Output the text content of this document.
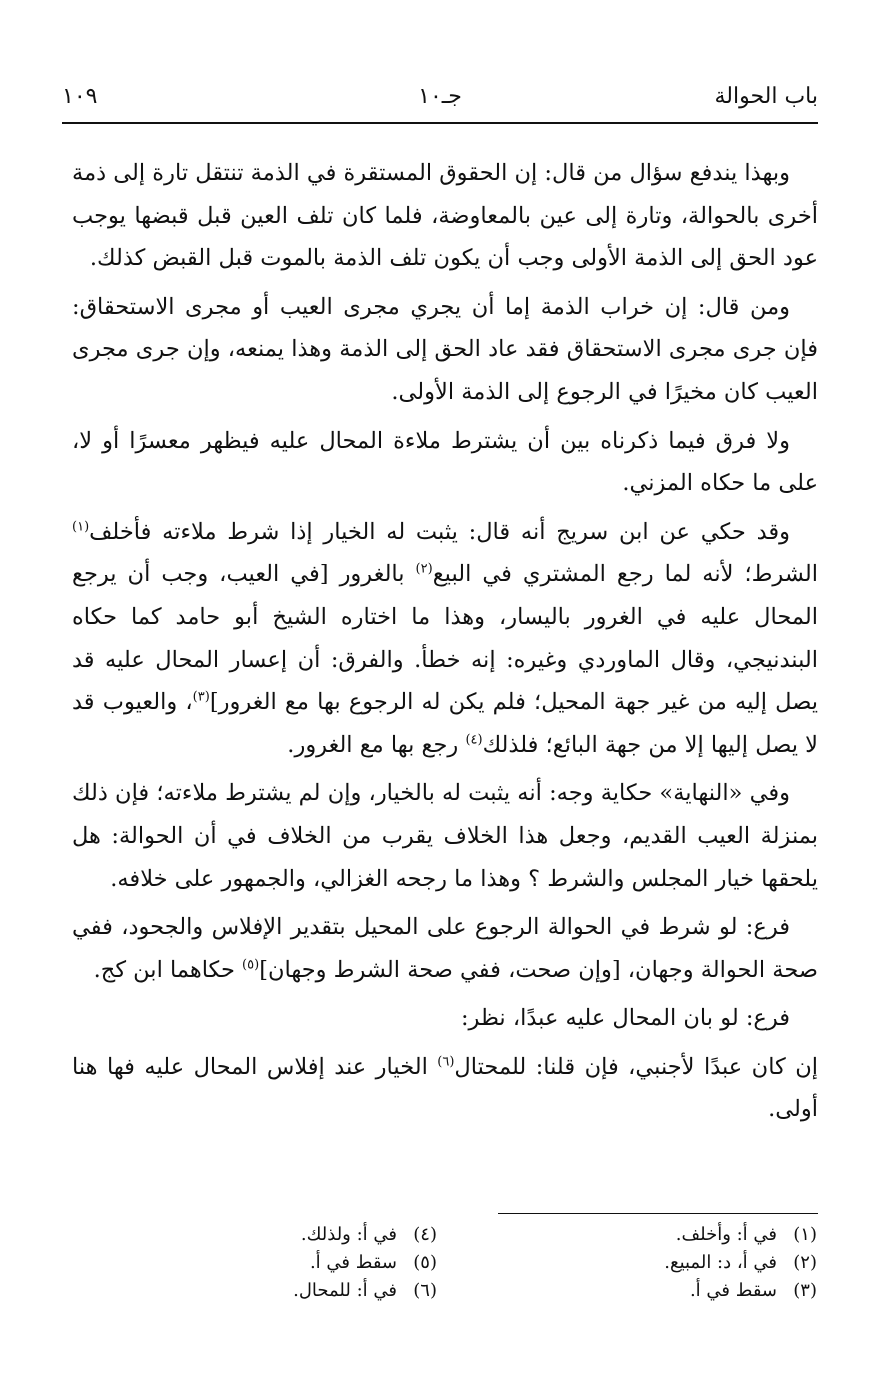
باب الحوالة
جـ١٠
١٠٩

وبهذا يندفع سؤال من قال: إن الحقوق المستقرة في الذمة تنتقل تارة إلى ذمة أخرى بالحوالة، وتارة إلى عين بالمعاوضة، فلما كان تلف العين قبل قبضها يوجب عود الحق إلى الذمة الأولى وجب أن يكون تلف الذمة بالموت قبل القبض كذلك.

ومن قال: إن خراب الذمة إما أن يجري مجرى العيب أو مجرى الاستحقاق: فإن جرى مجرى الاستحقاق فقد عاد الحق إلى الذمة وهذا يمنعه، وإن جرى مجرى العيب كان مخيرًا في الرجوع إلى الذمة الأولى.

ولا فرق فيما ذكرناه بين أن يشترط ملاءة المحال عليه فيظهر معسرًا أو لا، على ما حكاه المزني.

وقد حكي عن ابن سريج أنه قال: يثبت له الخيار إذا شرط ملاءته فأخلف$^{(١)}$ الشرط؛ لأنه لما رجع المشتري في البيع$^{(٢)}$ بالغرور [في العيب، وجب أن يرجع المحال عليه في الغرور باليسار، وهذا ما اختاره الشيخ أبو حامد كما حكاه البندنيجي، وقال الماوردي وغيره: إنه خطأ. والفرق: أن إعسار المحال عليه قد يصل إليه من غير جهة المحيل؛ فلم يكن له الرجوع بها مع الغرور]$^{(٣)}$، والعيوب قد لا يصل إليها إلا من جهة البائع؛ فلذلك$^{(٤)}$ رجع بها مع الغرور.

وفي «النهاية» حكاية وجه: أنه يثبت له بالخيار، وإن لم يشترط ملاءته؛ فإن ذلك بمنزلة العيب القديم، وجعل هذا الخلاف يقرب من الخلاف في أن الحوالة: هل يلحقها خيار المجلس والشرط ؟ وهذا ما رجحه الغزالي، والجمهور على خلافه.

فرع: لو شرط في الحوالة الرجوع على المحيل بتقدير الإفلاس والجحود، ففي صحة الحوالة وجهان، [وإن صحت، ففي صحة الشرط وجهان]$^{(٥)}$ حكاهما ابن كج.

فرع: لو بان المحال عليه عبدًا، نظر:

إن كان عبدًا لأجنبي، فإن قلنا: للمحتال$^{(٦)}$ الخيار عند إفلاس المحال عليه فها هنا أولى.

(١)في أ: وأخلف.
(٢)في أ، د: المبيع.
(٣)سقط في أ.
(٤)في أ: ولذلك.
(٥)سقط في أ.
(٦)في أ: للمحال.
